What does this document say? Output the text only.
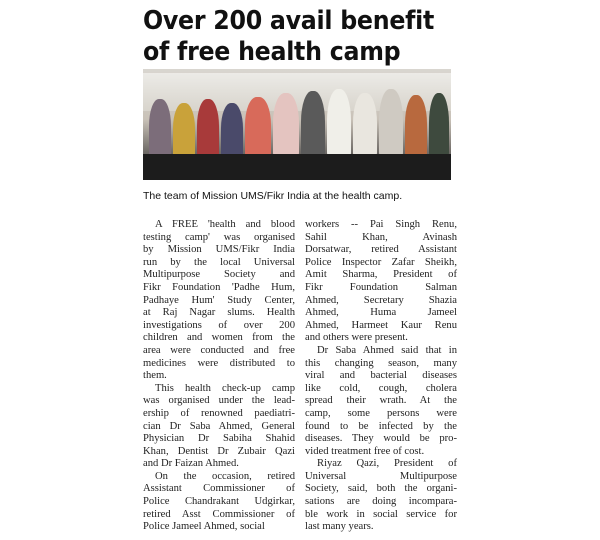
Over 200 avail benefit
of free health camp
The team of Mission UMS/Fikr India at the health camp.

A FREE 'health and blood
testing camp' was organised
by Mission UMS/Fikr India
run by the local Universal
Multipurpose Society and
Fikr Foundation 'Padhe Hum,
Padhaye Hum' Study Center,
at Raj Nagar slums. Health
investigations of over 200
children and women from the
area were conducted and free
medicines were distributed to
them.

This health check-up camp
was organised under the lead-
ership of renowned paediatri-
cian Dr Saba Ahmed, General
Physician Dr Sabiha Shahid
Khan, Dentist Dr Zubair Qazi
and Dr Faizan Ahmed.

On the occasion, retired
Assistant Commissioner of
Police Chandrakant Udgirkar,
retired Asst Commissioner of
Police Jameel Ahmed, social

workers -- Pai Singh Renu,
Sahil Khan, Avinash
Dorsatwar, retired Assistant
Police Inspector Zafar Sheikh,
Amit Sharma, President of
Fikr Foundation Salman
Ahmed, Secretary Shazia
Ahmed, Huma Jameel
Ahmed, Harmeet Kaur Renu
and others were present.

Dr Saba Ahmed said that in
this changing season, many
viral and bacterial diseases
like cold, cough, cholera
spread their wrath. At the
camp, some persons were
found to be infected by the
diseases. They would be pro-
vided treatment free of cost.

Riyaz Qazi, President of
Universal Multipurpose
Society, said, both the organi-
sations are doing incompara-
ble work in social service for
last many years.
